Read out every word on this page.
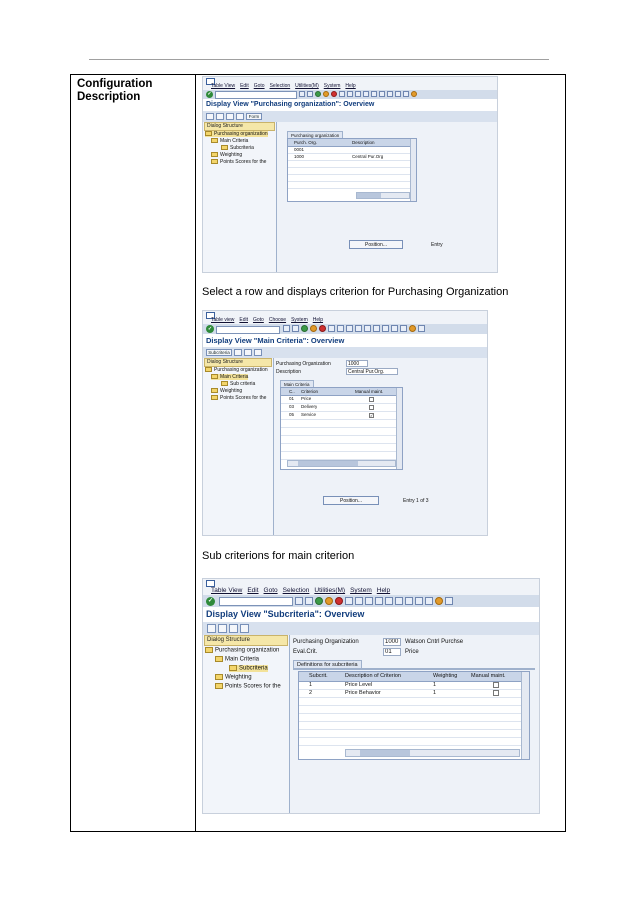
Configuration
Description
Table View Edit Goto Selection Utilities(M) System Help
✓
Display View "Purchasing organization": Overview
Form
Dialog Structure
Purchasing organization
Main Criteria
Subcriteria
Weighting
Points Scores for the
Purchasing organization
Purch. Org.	Description
0001
1000	Central Pur.Org
Position...	Entry
Select a row and displays criterion for Purchasing Organization
Table view Edit Goto Choose System Help
✓
Display View "Main Criteria": Overview
Subcriteria
Dialog Structure
Purchasing organization
Main Criteria
Sub criteria
Weighting
Points Scores for the
Purchasing Organization	1000
Description	Central Pur.Org.
Main Criteria
C.. Criterion	Manual maint.
01 Price
03 Delivery
05 Service	✓
Position...	Entry 1 of 3
Sub criterions for main criterion
Table View Edit Goto Selection Utilities(M) System Help
✓
Display View "Subcriteria": Overview
Dialog Structure
Purchasing organization
Main Criteria
Subcriteria
Weighting
Points Scores for the
Purchasing Organization	1000	Watson Cntrl Purchse
Eval.Crit.	01	Price
Definitions for subcriteria
Subcrit.	Description of Criterion	Weighting Manual maint.
1	Price Level	1
2	Price Behavior	1
